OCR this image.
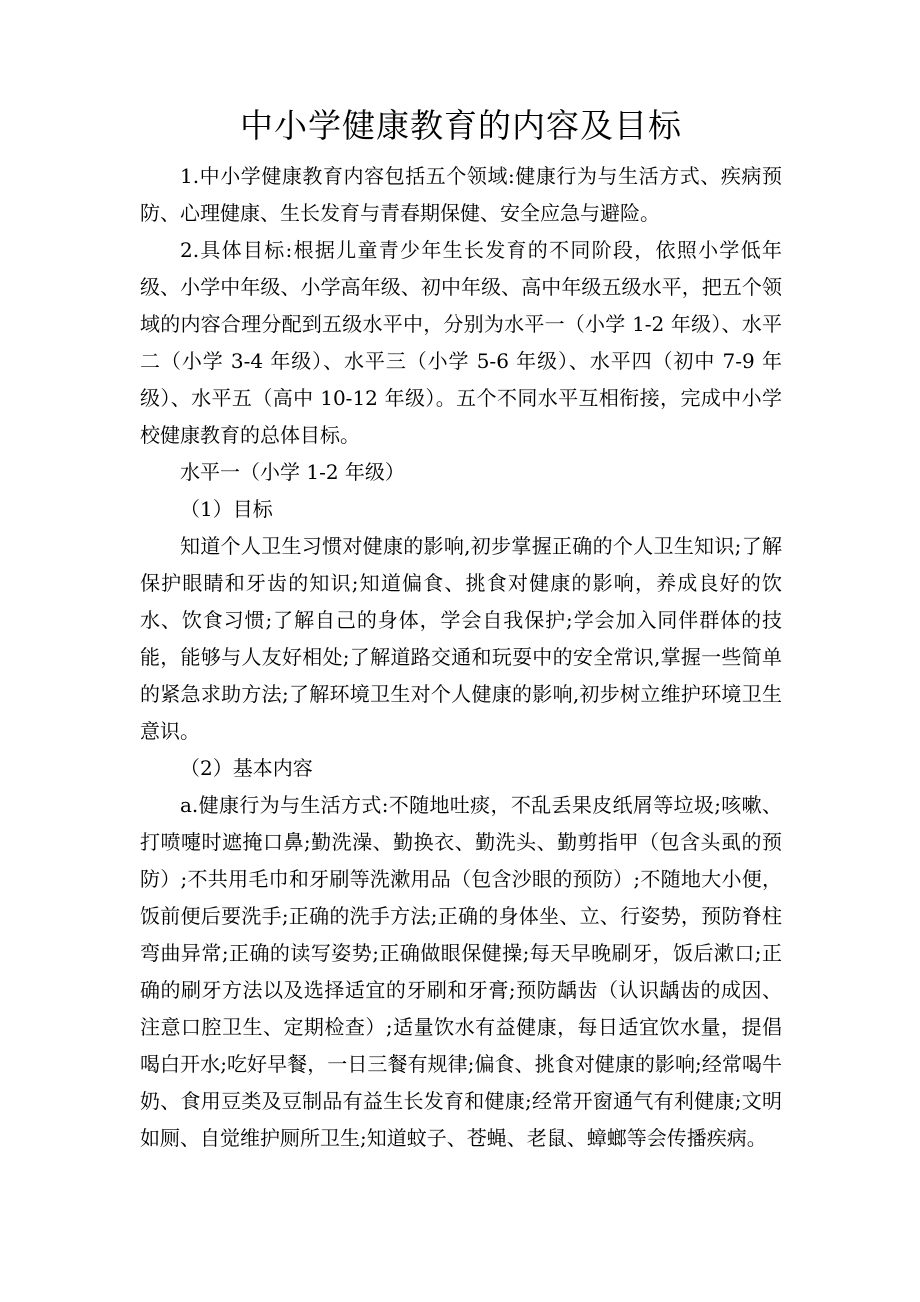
中小学健康教育的内容及目标

1.中小学健康教育内容包括五个领域:健康行为与生活方式、疾病预防、心理健康、生长发育与青春期保健、安全应急与避险。

2.具体目标:根据儿童青少年生长发育的不同阶段，依照小学低年级、小学中年级、小学高年级、初中年级、高中年级五级水平，把五个领域的内容合理分配到五级水平中，分别为水平一（小学 1-2 年级）、水平二（小学 3-4 年级）、水平三（小学 5-6 年级）、水平四（初中 7-9 年级）、水平五（高中 10-12 年级）。五个不同水平互相衔接，完成中小学校健康教育的总体目标。

水平一（小学 1-2 年级）

（1）目标

知道个人卫生习惯对健康的影响,初步掌握正确的个人卫生知识;了解保护眼睛和牙齿的知识;知道偏食、挑食对健康的影响，养成良好的饮水、饮食习惯;了解自己的身体，学会自我保护;学会加入同伴群体的技能，能够与人友好相处;了解道路交通和玩耍中的安全常识,掌握一些简单的紧急求助方法;了解环境卫生对个人健康的影响,初步树立维护环境卫生意识。

（2）基本内容

a.健康行为与生活方式:不随地吐痰，不乱丢果皮纸屑等垃圾;咳嗽、打喷嚏时遮掩口鼻;勤洗澡、勤换衣、勤洗头、勤剪指甲（包含头虱的预防）;不共用毛巾和牙刷等洗漱用品（包含沙眼的预防）;不随地大小便，饭前便后要洗手;正确的洗手方法;正确的身体坐、立、行姿势，预防脊柱弯曲异常;正确的读写姿势;正确做眼保健操;每天早晚刷牙，饭后漱口;正确的刷牙方法以及选择适宜的牙刷和牙膏;预防龋齿（认识龋齿的成因、注意口腔卫生、定期检查）;适量饮水有益健康，每日适宜饮水量，提倡喝白开水;吃好早餐，一日三餐有规律;偏食、挑食对健康的影响;经常喝牛奶、食用豆类及豆制品有益生长发育和健康;经常开窗通气有利健康;文明如厕、自觉维护厕所卫生;知道蚊子、苍蝇、老鼠、蟑螂等会传播疾病。
